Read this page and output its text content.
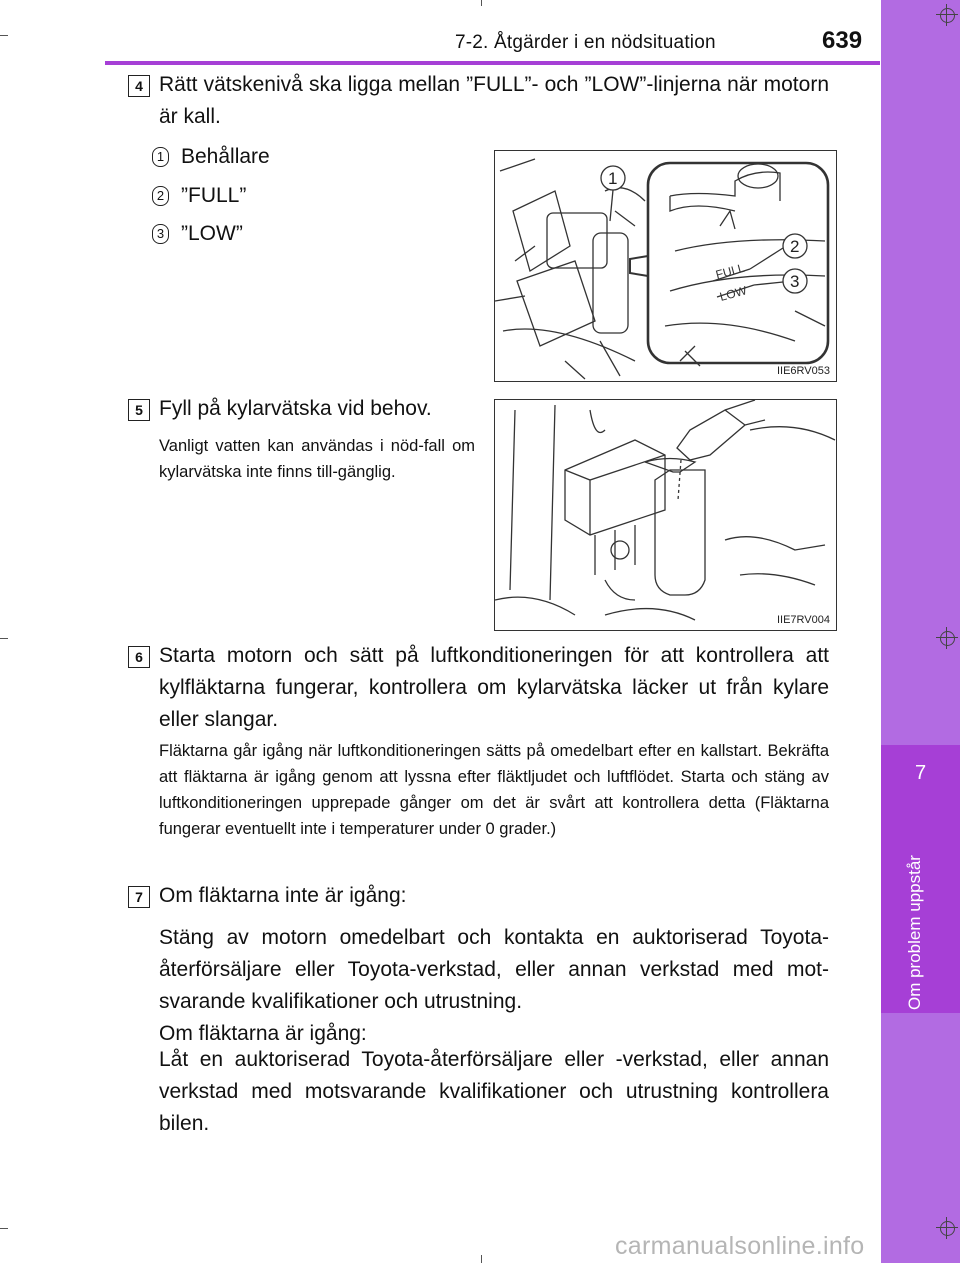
7
Om problem uppstår
7-2. Åtgärder i en nödsituation	639
4 Rätt vätskenivå ska ligga mellan ”FULL”- och ”LOW”-linjerna när motorn är kall.
1 Behållare
2 ”FULL”
3 ”LOW”
FULL
LOW
1
2
3
IIE6RV053
5 Fyll på kylarvätska vid behov.
Vanligt vatten kan användas i nöd-fall om kylarvätska inte finns till-gänglig.
IIE7RV004
6 Starta motorn och sätt på luftkonditioneringen för att kontrollera att kylfläktarna fungerar, kontrollera om kylarvätska läcker ut från kylare eller slangar.
Fläktarna går igång när luftkonditioneringen sätts på omedelbart efter en kallstart. Bekräfta att fläktarna är igång genom att lyssna efter fläktljudet och luftflödet. Starta och stäng av luftkonditioneringen upprepade gånger om det är svårt att kontrollera detta (Fläktarna fungerar eventuellt inte i temperaturer under 0 grader.)
7 Om fläktarna inte är igång:
Stäng av motorn omedelbart och kontakta en auktoriserad Toyota-återförsäljare eller Toyota-verkstad, eller annan verkstad med mot-svarande kvalifikationer och utrustning.
Om fläktarna är igång:
Låt en auktoriserad Toyota-återförsäljare eller -verkstad, eller annan verkstad med motsvarande kvalifikationer och utrustning kontrollera bilen.
carmanualsonline.info
